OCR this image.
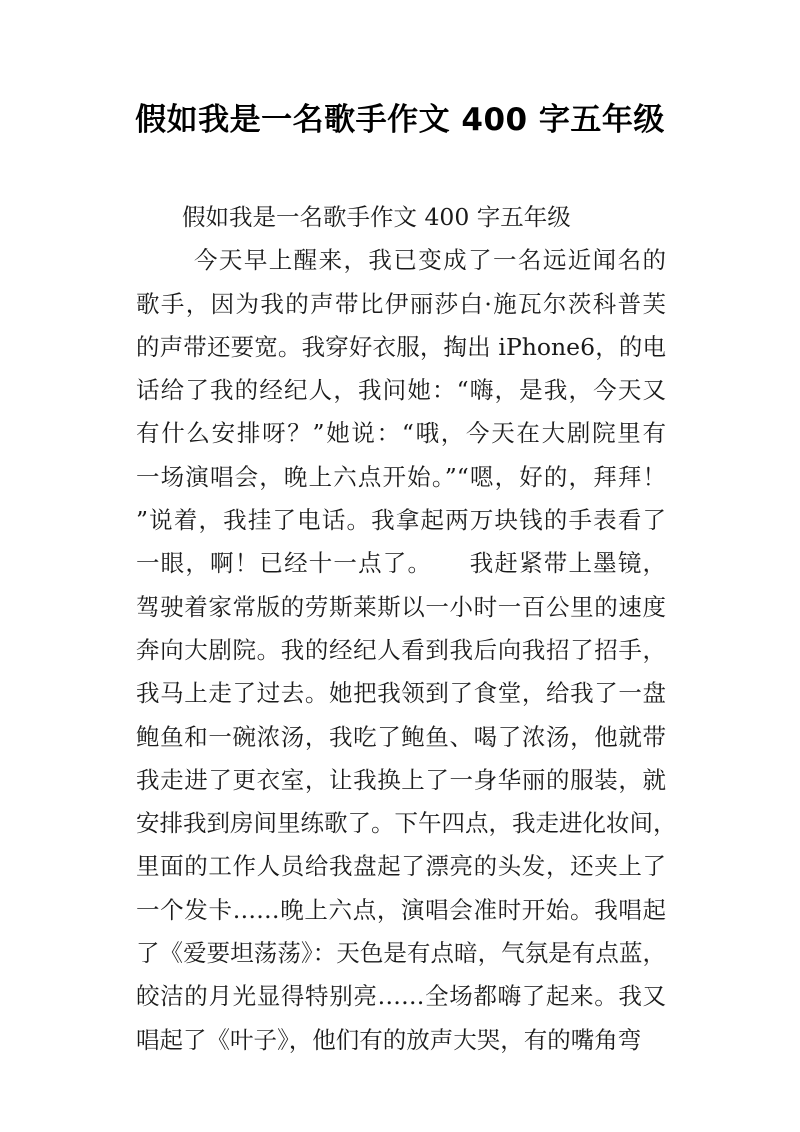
假如我是一名歌手作文 400 字五年级
假如我是一名歌手作文 400 字五年级
今天早上醒来，我已变成了一名远近闻名的
歌手，因为我的声带比伊丽莎白·施瓦尔茨科普芙
的声带还要宽。我穿好衣服，掏出 iPhone6，的电
话给了我的经纪人，我问她：“嗨，是我，今天又
有什么安排呀？”她说：“哦，今天在大剧院里有
一场演唱会，晚上六点开始。”“嗯，好的，拜拜！
”说着，我挂了电话。我拿起两万块钱的手表看了
一眼，啊！已经十一点了。　　我赶紧带上墨镜，
驾驶着家常版的劳斯莱斯以一小时一百公里的速度
奔向大剧院。我的经纪人看到我后向我招了招手，
我马上走了过去。她把我领到了食堂，给我了一盘
鲍鱼和一碗浓汤，我吃了鲍鱼、喝了浓汤，他就带
我走进了更衣室，让我换上了一身华丽的服装，就
安排我到房间里练歌了。下午四点，我走进化妆间，
里面的工作人员给我盘起了漂亮的头发，还夹上了
一个发卡……晚上六点，演唱会准时开始。我唱起
了《爱要坦荡荡》：天色是有点暗，气氛是有点蓝，
皎洁的月光显得特别亮……全场都嗨了起来。我又
唱起了《叶子》，他们有的放声大哭，有的嘴角弯
